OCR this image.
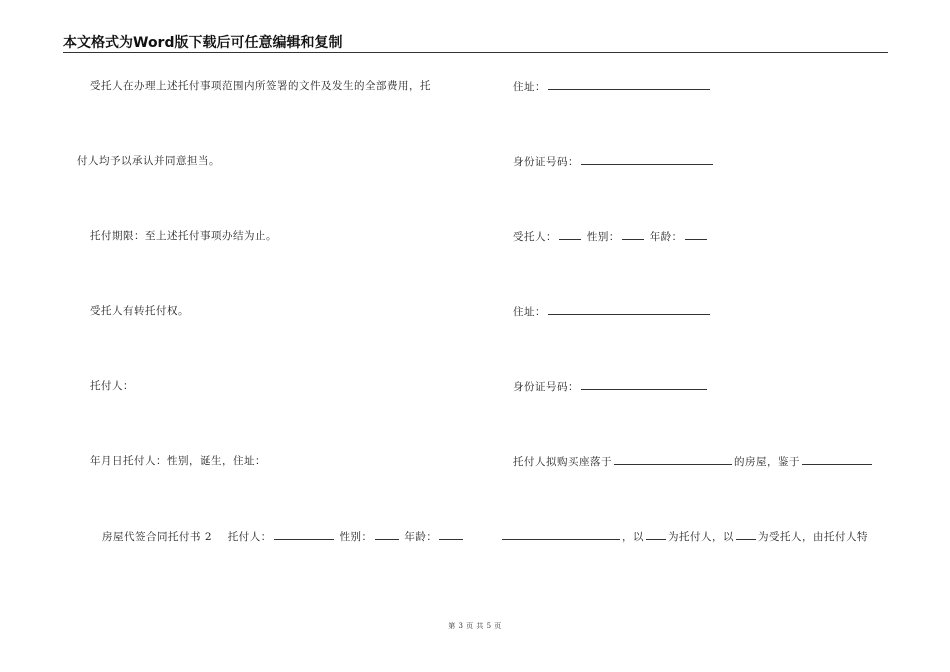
本文格式为Word版下载后可任意编辑和复制
受托人在办理上述托付事项范围内所签署的文件及发生的全部费用，托
付人均予以承认并同意担当。
托付期限：至上述托付事项办结为止。
受托人有转托付权。
托付人：
年月日托付人：性别，诞生，住址：
房屋代签合同托付书 2 托付人：	性别：	年龄：
住址：
身份证号码：
受托人：	性别：	年龄：
住址：
身份证号码：
托付人拟购买座落于	的房屋，鉴于
，以 为托付人，以 为受托人，由托付人特
第 3 页 共 5 页
